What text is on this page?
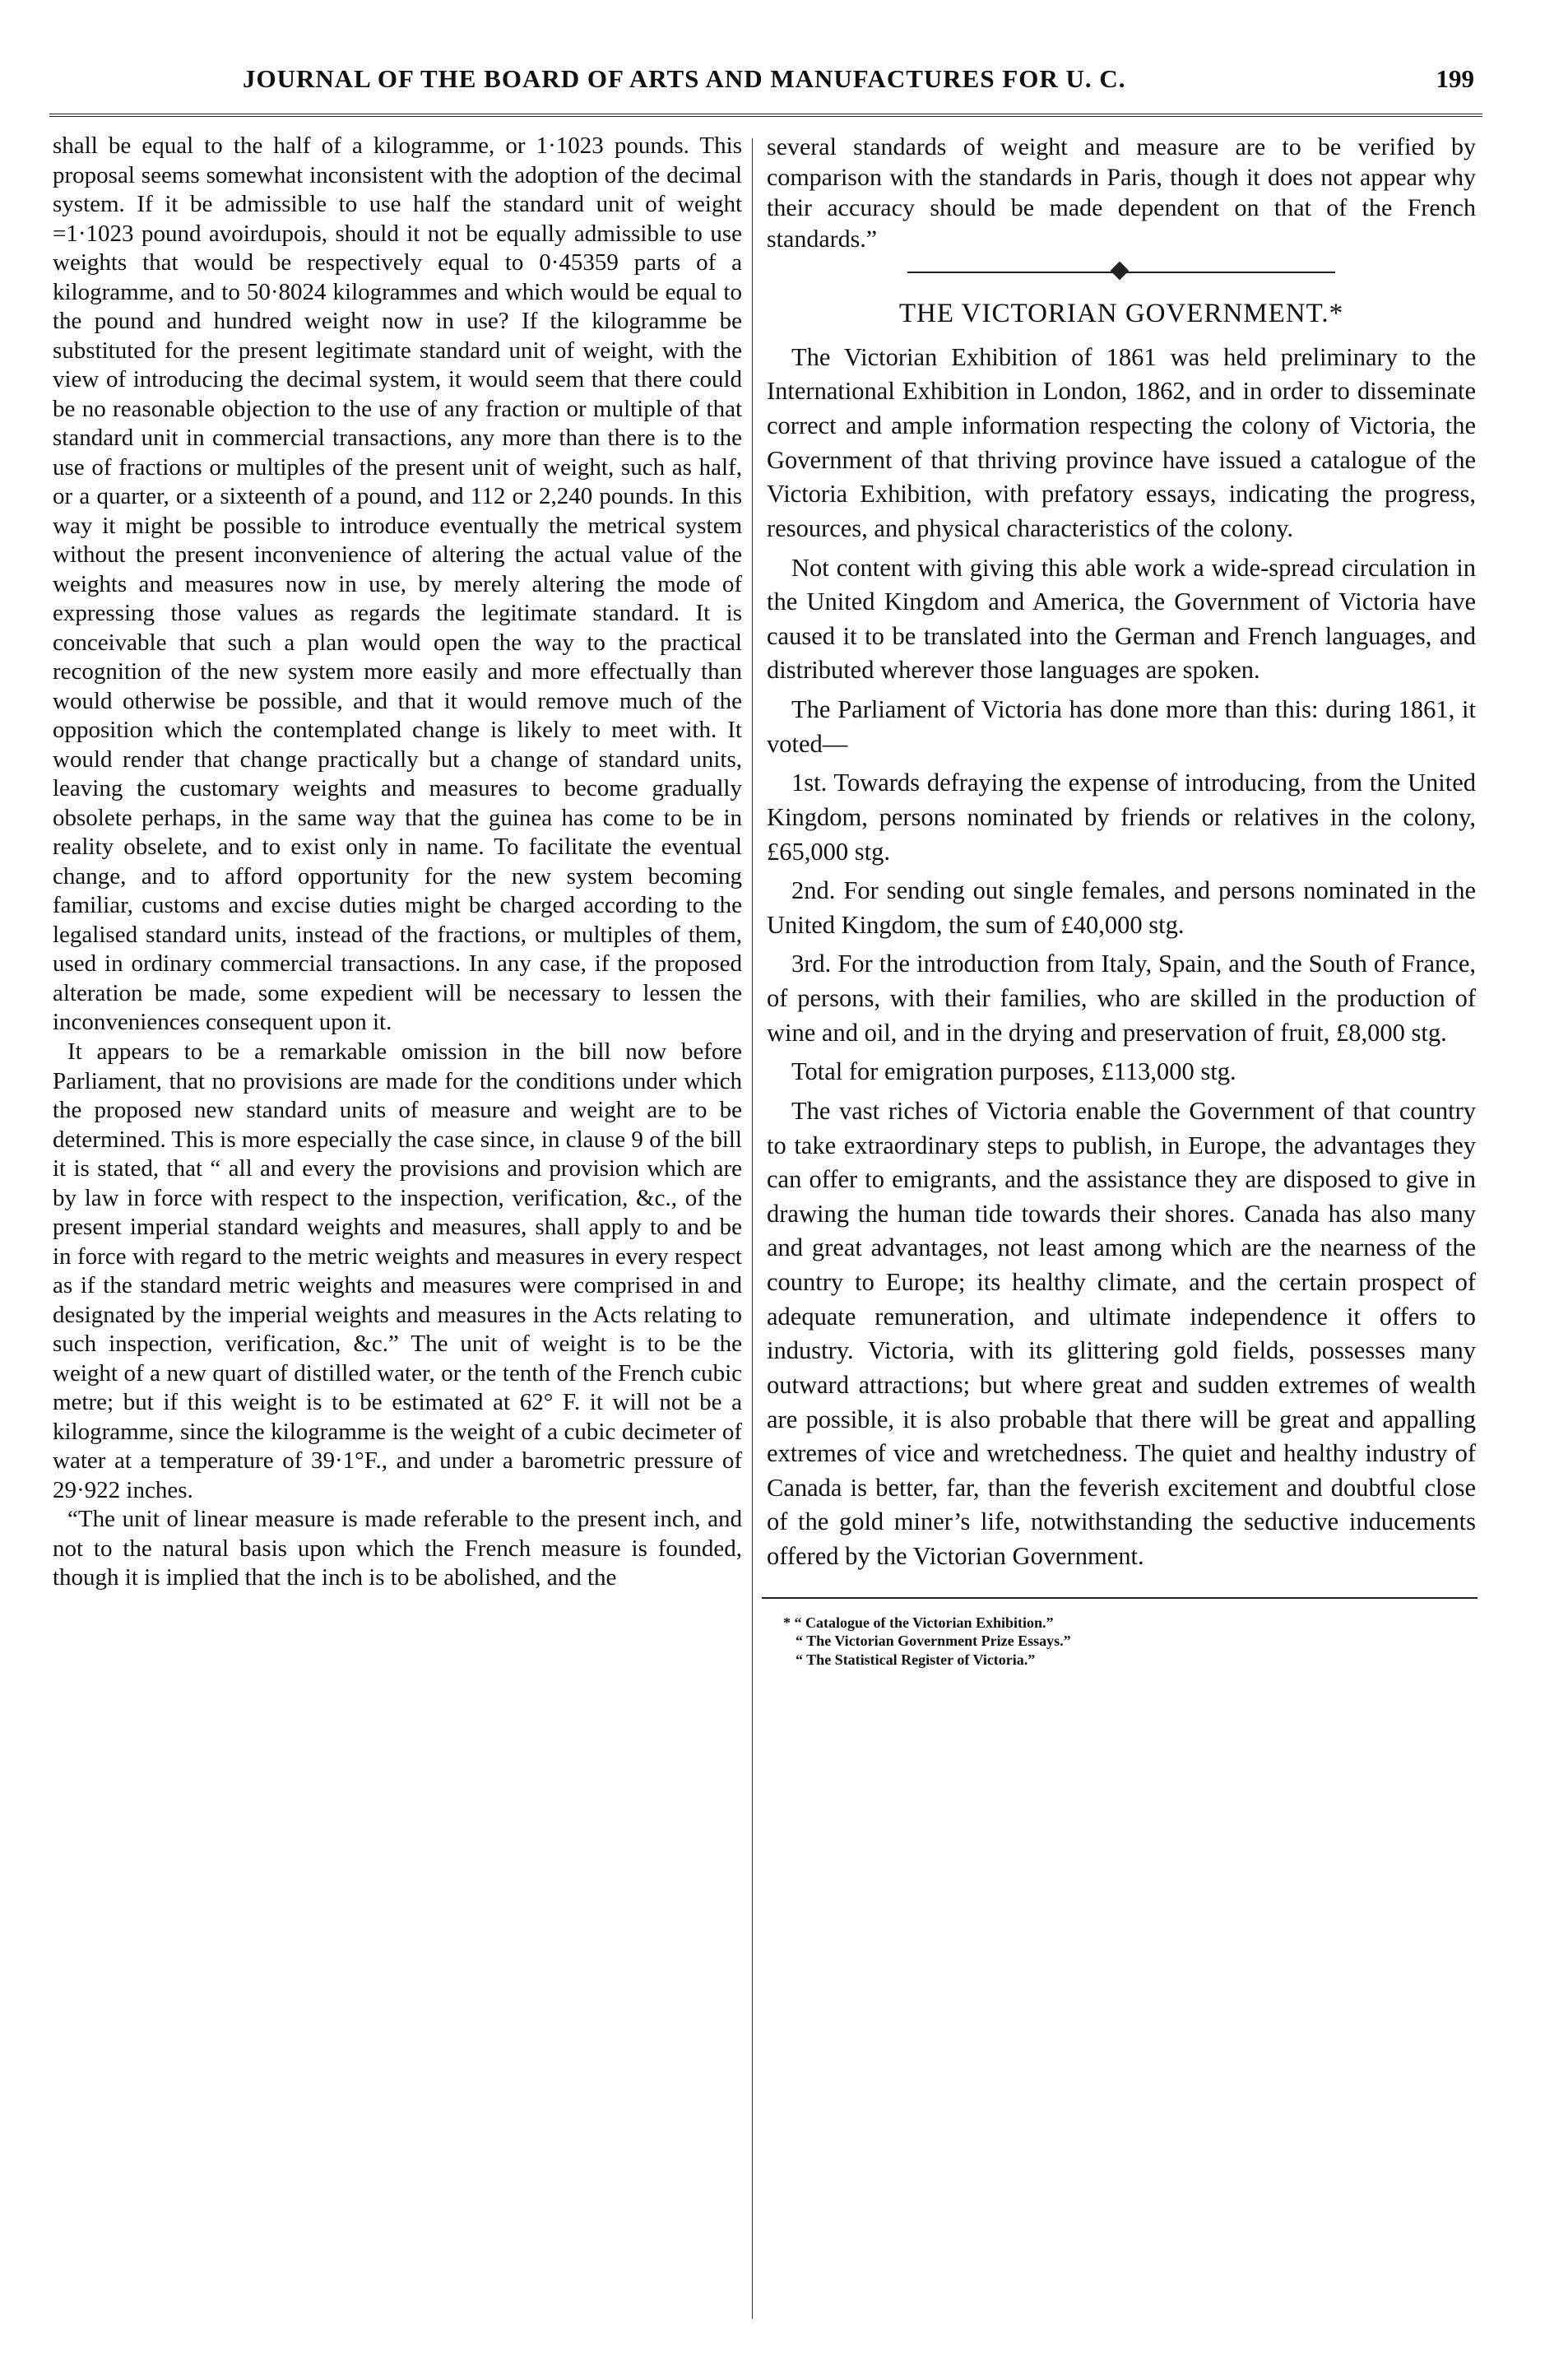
JOURNAL OF THE BOARD OF ARTS AND MANUFACTURES FOR U. C.	199

shall be equal to the half of a kilogramme, or 1·1023 pounds. This proposal seems somewhat inconsistent with the adoption of the decimal system. If it be admissible to use half the standard unit of weight =1·1023 pound avoirdupois, should it not be equally admissible to use weights that would be respectively equal to 0·45359 parts of a kilogramme, and to 50·8024 kilogrammes and which would be equal to the pound and hundred weight now in use? If the kilogramme be substituted for the present legitimate standard unit of weight, with the view of introducing the decimal system, it would seem that there could be no reasonable objection to the use of any fraction or multiple of that standard unit in commercial transactions, any more than there is to the use of fractions or multiples of the present unit of weight, such as half, or a quarter, or a sixteenth of a pound, and 112 or 2,240 pounds. In this way it might be possible to introduce eventually the metrical system without the present inconvenience of altering the actual value of the weights and measures now in use, by merely altering the mode of expressing those values as regards the legitimate standard. It is conceivable that such a plan would open the way to the practical recognition of the new system more easily and more effectually than would otherwise be possible, and that it would remove much of the opposition which the contemplated change is likely to meet with. It would render that change practically but a change of standard units, leaving the customary weights and measures to become gradually obsolete perhaps, in the same way that the guinea has come to be in reality obselete, and to exist only in name. To facilitate the eventual change, and to afford opportunity for the new system becoming familiar, customs and excise duties might be charged according to the legalised standard units, instead of the fractions, or multiples of them, used in ordinary commercial transactions. In any case, if the proposed alteration be made, some expedient will be necessary to lessen the inconveniences consequent upon it.

It appears to be a remarkable omission in the bill now before Parliament, that no provisions are made for the conditions under which the proposed new standard units of measure and weight are to be determined. This is more especially the case since, in clause 9 of the bill it is stated, that “ all and every the provisions and provision which are by law in force with respect to the inspection, verification, &c., of the present imperial standard weights and measures, shall apply to and be in force with regard to the metric weights and measures in every respect as if the standard metric weights and measures were comprised in and designated by the imperial weights and measures in the Acts relating to such inspection, verification, &c.” The unit of weight is to be the weight of a new quart of distilled water, or the tenth of the French cubic metre; but if this weight is to be estimated at 62° F. it will not be a kilogramme, since the kilogramme is the weight of a cubic decimeter of water at a temperature of 39·1°F., and under a barometric pressure of 29·922 inches.

“The unit of linear measure is made referable to the present inch, and not to the natural basis upon which the French measure is founded, though it is implied that the inch is to be abolished, and the

several standards of weight and measure are to be verified by comparison with the standards in Paris, though it does not appear why their accuracy should be made dependent on that of the French standards.”

THE VICTORIAN GOVERNMENT.*

The Victorian Exhibition of 1861 was held preliminary to the International Exhibition in London, 1862, and in order to disseminate correct and ample information respecting the colony of Victoria, the Government of that thriving province have issued a catalogue of the Victoria Exhibition, with prefatory essays, indicating the progress, resources, and physical characteristics of the colony.

Not content with giving this able work a wide-spread circulation in the United Kingdom and America, the Government of Victoria have caused it to be translated into the German and French languages, and distributed wherever those languages are spoken.

The Parliament of Victoria has done more than this: during 1861, it voted—

1st. Towards defraying the expense of introducing, from the United Kingdom, persons nominated by friends or relatives in the colony, £65,000 stg.

2nd. For sending out single females, and persons nominated in the United Kingdom, the sum of £40,000 stg.

3rd. For the introduction from Italy, Spain, and the South of France, of persons, with their families, who are skilled in the production of wine and oil, and in the drying and preservation of fruit, £8,000 stg.

Total for emigration purposes, £113,000 stg.

The vast riches of Victoria enable the Government of that country to take extraordinary steps to publish, in Europe, the advantages they can offer to emigrants, and the assistance they are disposed to give in drawing the human tide towards their shores. Canada has also many and great advantages, not least among which are the nearness of the country to Europe; its healthy climate, and the certain prospect of adequate remuneration, and ultimate independence it offers to industry. Victoria, with its glittering gold fields, possesses many outward attractions; but where great and sudden extremes of wealth are possible, it is also probable that there will be great and appalling extremes of vice and wretchedness. The quiet and healthy industry of Canada is better, far, than the feverish excitement and doubtful close of the gold miner’s life, notwithstanding the seductive inducements offered by the Victorian Government.

* “ Catalogue of the Victorian Exhibition.”
“ The Victorian Government Prize Essays.”
“ The Statistical Register of Victoria.”
